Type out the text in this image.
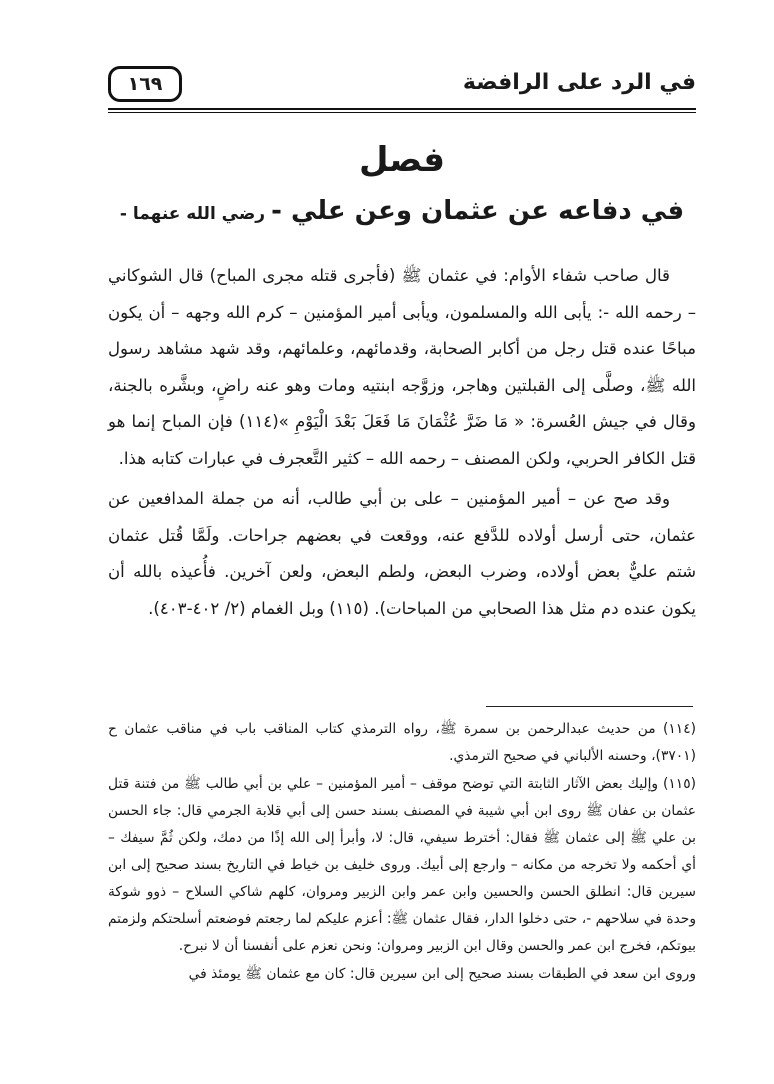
في الرد على الرافضة
١٦٩
فصل
في دفاعه عن عثمان وعن علي -رضي الله عنهما -

قال صاحب شفاء الأوام: في عثمان ﷺ (فأجرى قتله مجرى المباح) قال الشوكاني – رحمه الله -: يأبى الله والمسلمون، ويأبى أمير المؤمنين – كرم الله وجهه – أن يكون مباحًا عنده قتل رجل من أكابر الصحابة، وقدمائهم، وعلمائهم، وقد شهد مشاهد رسول الله ﷺ، وصلَّى إلى القبلتين وهاجر، وزوَّجه ابنتيه ومات وهو عنه راضٍ، وبشَّره بالجنة، وقال في جيش العُسرة: « مَا ضَرَّ عُثْمَانَ مَا فَعَلَ بَعْدَ الْيَوْمِ »(١١٤) فإن المباح إنما هو قتل الكافر الحربي، ولكن المصنف – رحمه الله – كثير التَّعجرف في عبارات كتابه هذا.

وقد صح عن – أمير المؤمنين – على بن أبي طالب، أنه من جملة المدافعين عن عثمان، حتى أرسل أولاده للدَّفع عنه، ووقعت في بعضهم جراحات. ولَمَّا قُتل عثمان شتم عليٌّ بعض أولاده، وضرب البعض، ولطم البعض، ولعن آخرين. فأُعيذه بالله أن يكون عنده دم مثل هذا الصحابي من المباحات). (١١٥) وبل الغمام (٢/ ٤٠٢-٤٠٣).

(١١٤) من حديث عبدالرحمن بن سمرة ﷺ، رواه الترمذي كتاب المناقب باب في مناقب عثمان ح (٣٧٠١)، وحسنه الألباني في صحيح الترمذي.

(١١٥) وإليك بعض الآثار الثابتة التي توضح موقف – أمير المؤمنين – علي بن أبي طالب ﷺ من فتنة قتل عثمان بن عفان ﷺ روى ابن أبي شيبة في المصنف بسند حسن إلى أبي قلابة الجرمي قال: جاء الحسن بن علي ﷺ إلى عثمان ﷺ فقال: أخترط سيفي، قال: لا، وأبرأ إلى الله إذًا من دمك، ولكن ثُمَّ سيفك – أي أحكمه ولا تخرجه من مكانه – وارجع إلى أبيك. وروى خليف بن خياط في التاريخ بسند صحيح إلى ابن سيرين قال: انطلق الحسن والحسين وابن عمر وابن الزبير ومروان، كلهم شاكي السلاح – ذوو شوكة وحدة في سلاحهم -، حتى دخلوا الدار، فقال عثمان ﷺ: أعزم عليكم لما رجعتم فوضعتم أسلحتكم ولزمتم بيوتكم، فخرج ابن عمر والحسن وقال ابن الزبير ومروان: ونحن نعزم على أنفسنا أن لا نبرح.

وروى ابن سعد في الطبقات بسند صحيح إلى ابن سيرين قال: كان مع عثمان ﷺ يومئذ في
